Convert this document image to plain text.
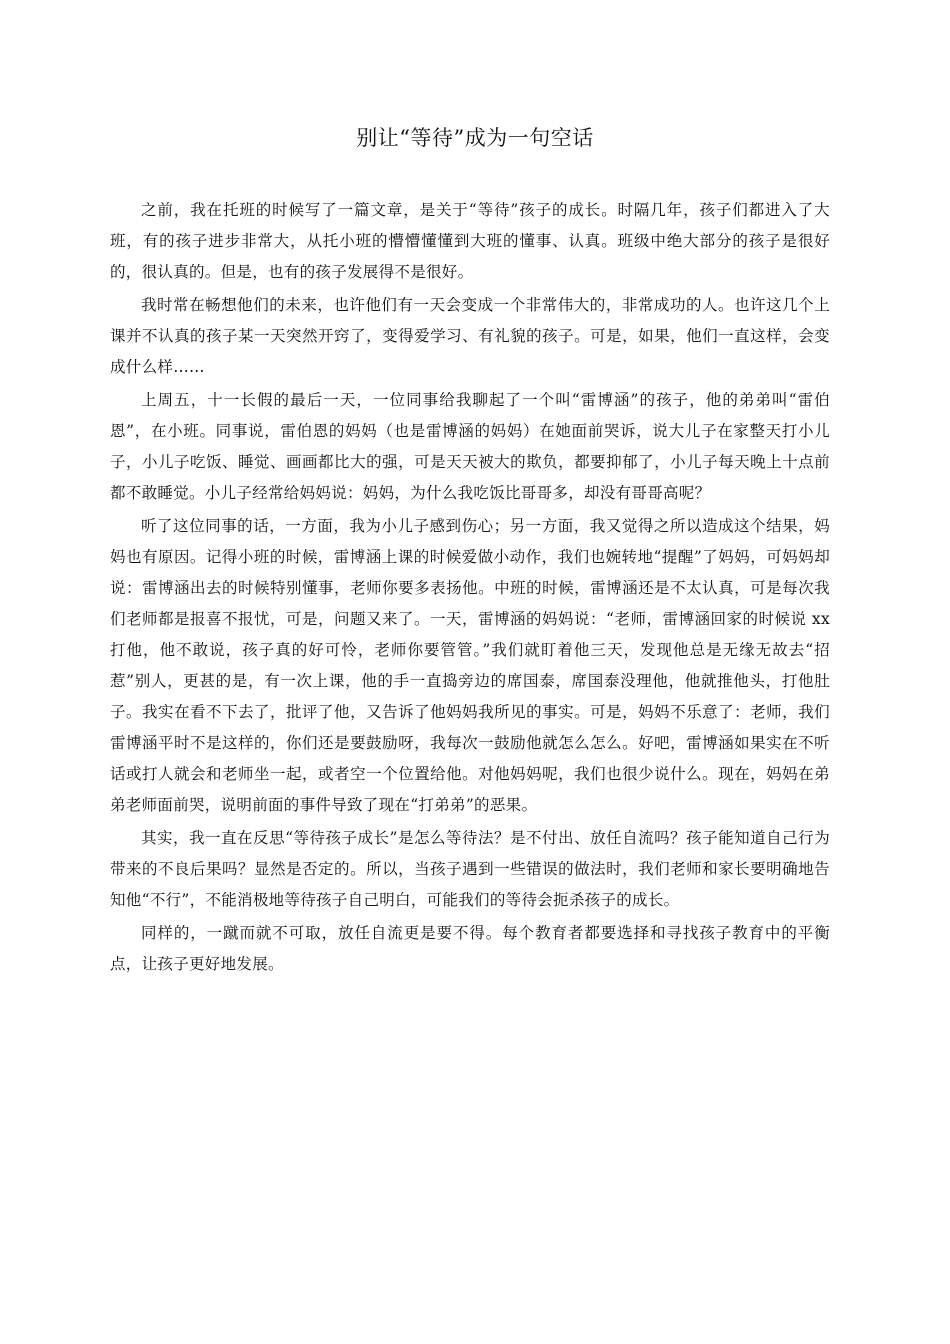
别让“等待”成为一句空话

之前，我在托班的时候写了一篇文章，是关于“等待”孩子的成长。时隔几年，孩子们都进入了大班，有的孩子进步非常大，从托小班的懵懵懂懂到大班的懂事、认真。班级中绝大部分的孩子是很好的，很认真的。但是，也有的孩子发展得不是很好。

我时常在畅想他们的未来，也许他们有一天会变成一个非常伟大的，非常成功的人。也许这几个上课并不认真的孩子某一天突然开窍了，变得爱学习、有礼貌的孩子。可是，如果，他们一直这样，会变成什么样……

上周五，十一长假的最后一天，一位同事给我聊起了一个叫“雷博涵”的孩子，他的弟弟叫“雷伯恩”，在小班。同事说，雷伯恩的妈妈（也是雷博涵的妈妈）在她面前哭诉，说大儿子在家整天打小儿子，小儿子吃饭、睡觉、画画都比大的强，可是天天被大的欺负，都要抑郁了，小儿子每天晚上十点前都不敢睡觉。小儿子经常给妈妈说：妈妈，为什么我吃饭比哥哥多，却没有哥哥高呢？

听了这位同事的话，一方面，我为小儿子感到伤心；另一方面，我又觉得之所以造成这个结果，妈妈也有原因。记得小班的时候，雷博涵上课的时候爱做小动作，我们也婉转地“提醒”了妈妈，可妈妈却说：雷博涵出去的时候特别懂事，老师你要多表扬他。中班的时候，雷博涵还是不太认真，可是每次我们老师都是报喜不报忧，可是，问题又来了。一天，雷博涵的妈妈说：“老师，雷博涵回家的时候说 xx 打他，他不敢说，孩子真的好可怜，老师你要管管。”我们就盯着他三天，发现他总是无缘无故去“招惹”别人，更甚的是，有一次上课，他的手一直捣旁边的席国泰，席国泰没理他，他就推他头，打他肚子。我实在看不下去了，批评了他，又告诉了他妈妈我所见的事实。可是，妈妈不乐意了：老师，我们雷博涵平时不是这样的，你们还是要鼓励呀，我每次一鼓励他就怎么怎么。好吧，雷博涵如果实在不听话或打人就会和老师坐一起，或者空一个位置给他。对他妈妈呢，我们也很少说什么。现在，妈妈在弟弟老师面前哭，说明前面的事件导致了现在“打弟弟”的恶果。

其实，我一直在反思“等待孩子成长”是怎么等待法？是不付出、放任自流吗？孩子能知道自己行为带来的不良后果吗？显然是否定的。所以，当孩子遇到一些错误的做法时，我们老师和家长要明确地告知他“不行”，不能消极地等待孩子自己明白，可能我们的等待会扼杀孩子的成长。

同样的，一蹴而就不可取，放任自流更是要不得。每个教育者都要选择和寻找孩子教育中的平衡点，让孩子更好地发展。
